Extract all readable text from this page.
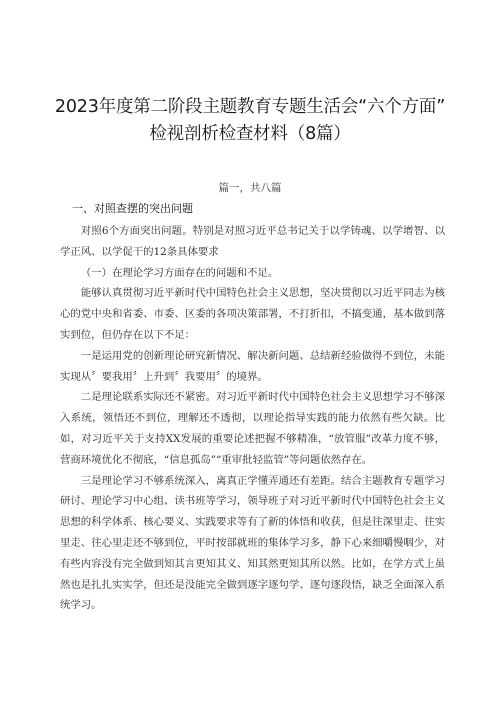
2023年度第二阶段主题教育专题生活会“六个方面”
检视剖析检查材料（8篇）
篇一，共八篇
一、对照查摆的突出问题

对照6个方面突出问题。特别是对照习近平总书记关于以学铸魂、以学增智、以学正风、以学促干的12条具体要求

（一）在理论学习方面存在的问题和不足。

能够认真贯彻习近平新时代中国特色社会主义思想，坚决贯彻以习近平同志为核心的党中央和省委、市委、区委的各项决策部署，不打折扣，不搞变通，基本做到落实到位，但仍存在以下不足：

一是运用党的创新理论研究新情况、解决新问题、总结新经验做得不到位，未能实现从〞要我用〞上升到〞我要用〞的境界。

二是理论联系实际还不紧密。对习近平新时代中国特色社会主义思想学习不够深入系统，领悟还不到位，理解还不透彻，以理论指导实践的能力依然有些欠缺。比如，对习近平关于支持XX发展的重要论述把握不够精准，“放管服”改革力度不够，营商环境优化不彻底，“信息孤岛”“重审批轻监管”等问题依然存在。

三是理论学习不够系统深入，离真正学懂弄通还有差距。结合主题教育专题学习研讨、理论学习中心组、读书班等学习，领导班子对习近平新时代中国特色社会主义思想的科学体系、核心要义、实践要求等有了新的体悟和收获，但是往深里走、往实里走、往心里走还不够到位，平时按部就班的集体学习多，静下心来细嚼慢咽少，对有些内容没有完全做到知其言更知其义、知其然更知其所以然。比如，在学方式上虽然也是扎扎实实学，但还是没能完全做到逐字逐句学、逐句逐段悟，缺乏全面深入系统学习。
